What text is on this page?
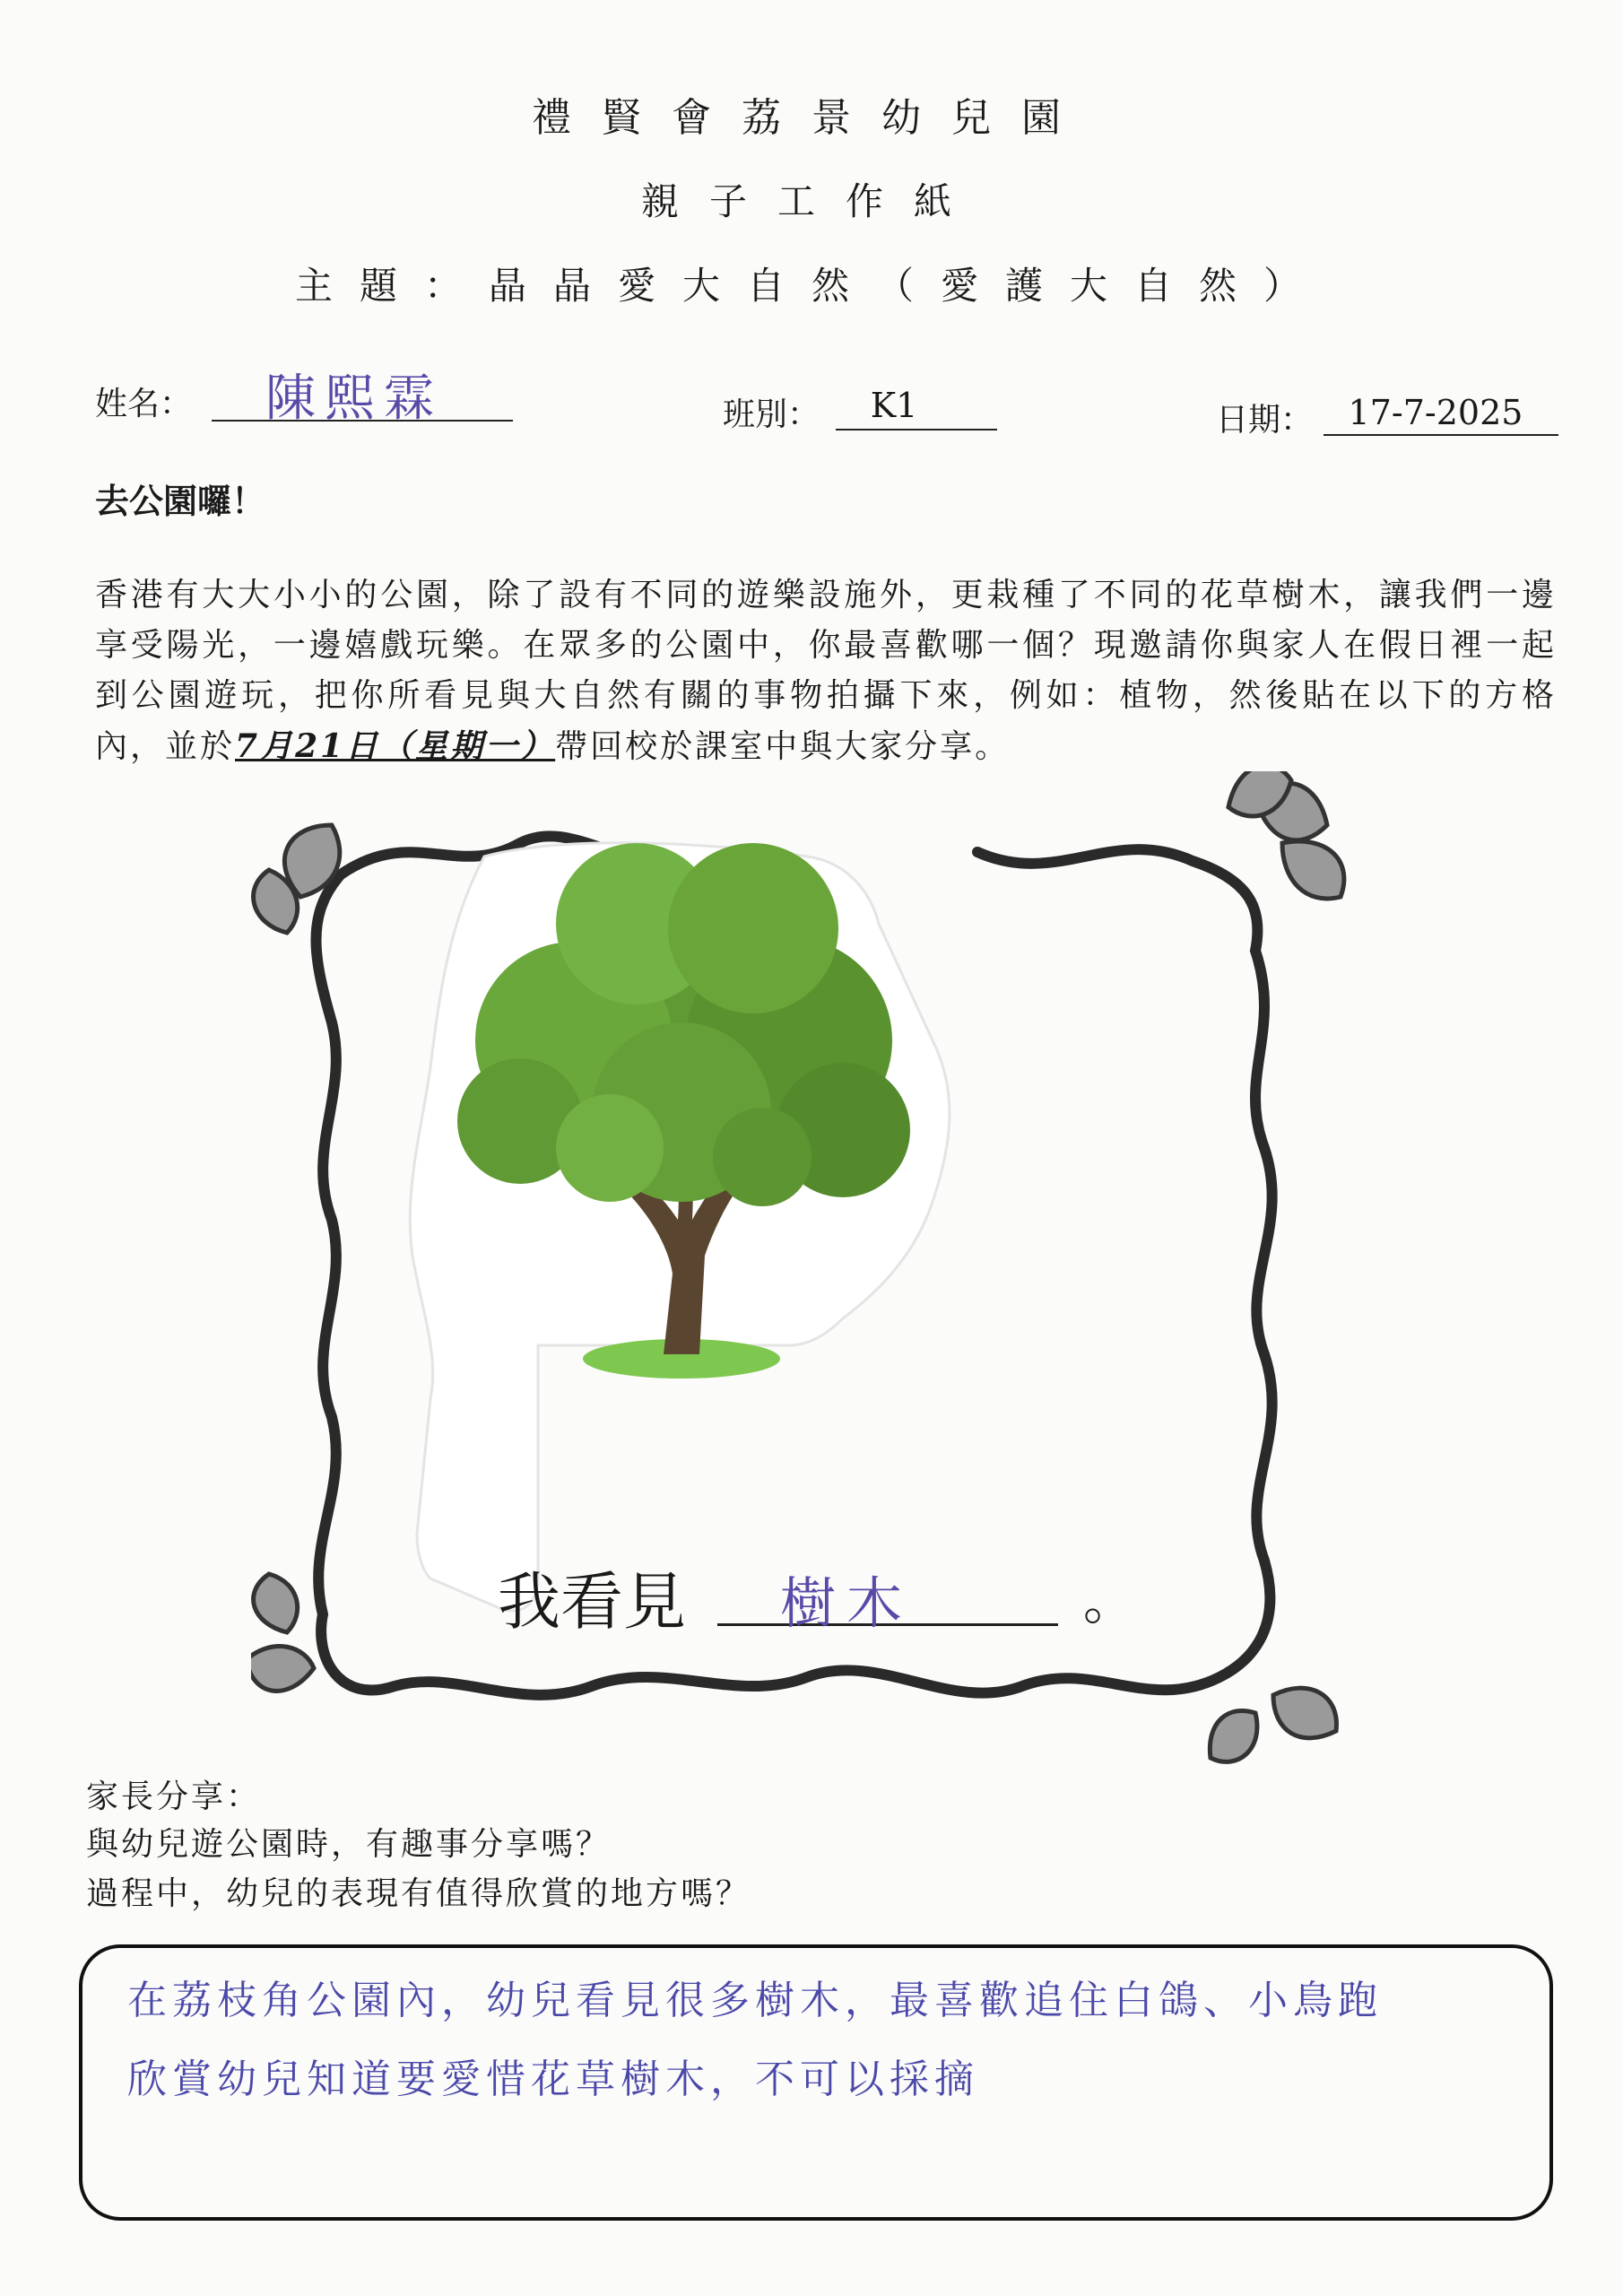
禮賢會荔景幼兒園
親子工作紙
主題：晶晶愛大自然（愛護大自然）
姓名： 陳熙霖	班別：	K1	日期：	17-7-2025
去公園囉！
香港有大大小小的公園，除了設有不同的遊樂設施外，更栽種了不同的花草樹木，讓我們一邊享受陽光，一邊嬉戲玩樂。在眾多的公園中，你最喜歡哪一個？現邀請你與家人在假日裡一起到公園遊玩，把你所看見與大自然有關的事物拍攝下來，例如：植物，然後貼在以下的方格內，並於7月21日（星期一）帶回校於課室中與大家分享。
我看見 樹木	。
家長分享：
與幼兒遊公園時，有趣事分享嗎？
過程中，幼兒的表現有值得欣賞的地方嗎？
在荔枝角公園內，幼兒看見很多樹木，最喜歡追住白鴿、小鳥跑
欣賞幼兒知道要愛惜花草樹木，不可以採摘
